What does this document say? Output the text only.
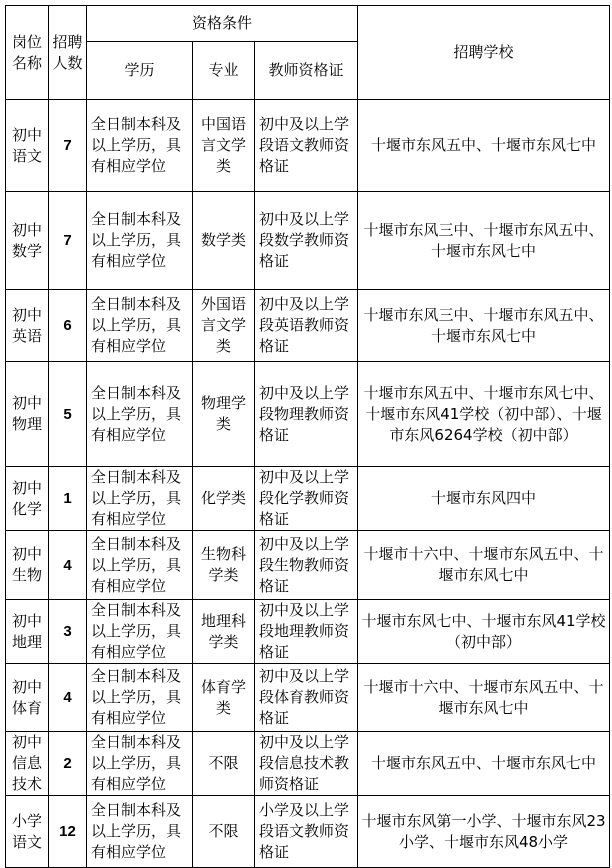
岗位名称	招聘人数	资格条件			招聘学校
		学历	专业	教师资格证	
初中语文	7	全日制本科及以上学历，具有相应学位	中国语言文学类	初中及以上学段语文教师资格证	十堰市东风五中、十堰市东风七中
初中数学	7	全日制本科及以上学历，具有相应学位	数学类	初中及以上学段数学教师资格证	十堰市东风三中、十堰市东风五中、十堰市东风七中
初中英语	6	全日制本科及以上学历，具有相应学位	外国语言文学类	初中及以上学段英语教师资格证	十堰市东风三中、十堰市东风五中、十堰市东风七中
初中物理	5	全日制本科及以上学历，具有相应学位	物理学类	初中及以上学段物理教师资格证	十堰市东风五中、十堰市东风七中、十堰市东风41学校（初中部）、十堰市东风6264学校（初中部）
初中化学	1	全日制本科及以上学历，具有相应学位	化学类	初中及以上学段化学教师资格证	十堰市东风四中
初中生物	4	全日制本科及以上学历，具有相应学位	生物科学类	初中及以上学段生物教师资格证	十堰市十六中、十堰市东风五中、十堰市东风七中
初中地理	3	全日制本科及以上学历，具有相应学位	地理科学类	初中及以上学段地理教师资格证	十堰市东风七中、十堰市东风41学校（初中部）
初中体育	4	全日制本科及以上学历，具有相应学位	体育学类	初中及以上学段体育教师资格证	十堰市十六中、十堰市东风五中、十堰市东风七中
初中信息技术	2	全日制本科及以上学历，具有相应学位	不限	初中及以上学段信息技术教师资格证	十堰市东风五中、十堰市东风七中
小学语文	12	全日制本科及以上学历，具有相应学位	不限	小学及以上学段语文教师资格证	十堰市东风第一小学、十堰市东风23小学、十堰市东风48小学
